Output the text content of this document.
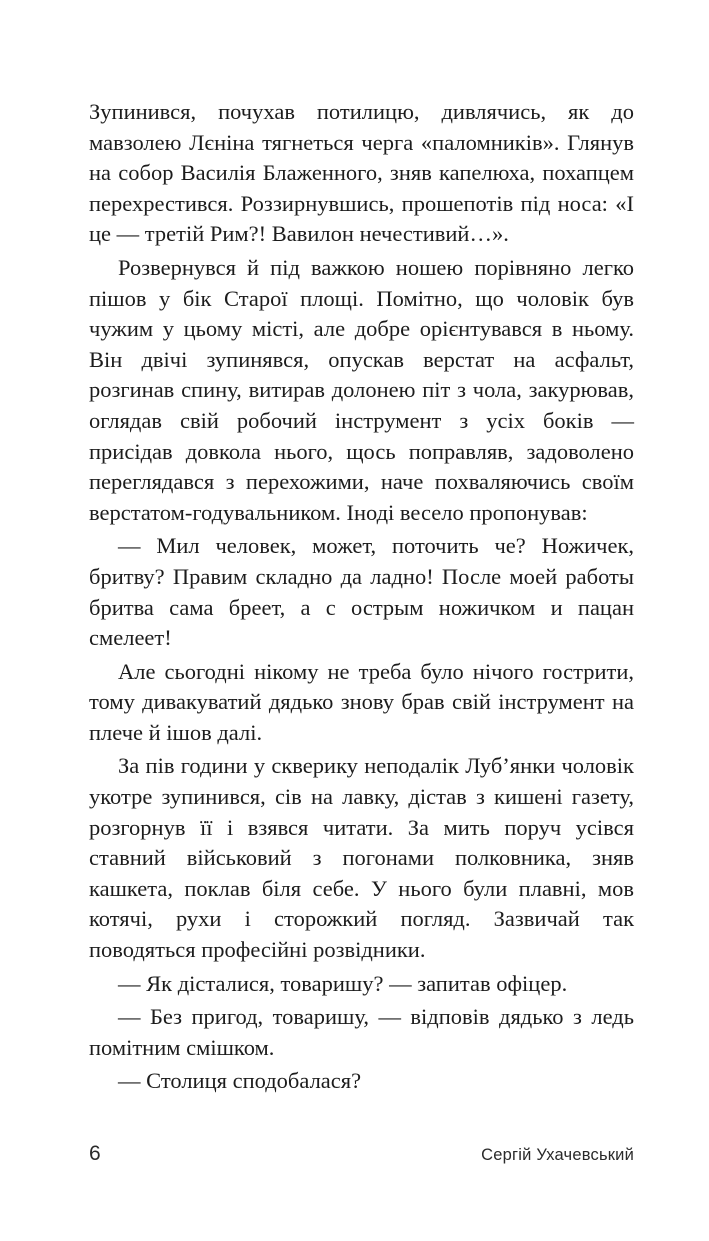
Зупинився, почухав потилицю, дивлячись, як до мавзолею Лєніна тягнеться черга «паломників». Глянув на собор Василія Блаженного, зняв капелюха, похапцем перехрестився. Роззирнувшись, прошепотів під носа: «І це — третій Рим?! Вавилон нечестивий…».

Розвернувся й під важкою ношею порівняно легко пішов у бік Старої площі. Помітно, що чоловік був чужим у цьому місті, але добре орієнтувався в ньому. Він двічі зупинявся, опускав верстат на асфальт, розгинав спину, витирав долонею піт з чола, закурював, оглядав свій робочий інструмент з усіх боків — присідав довкола нього, щось поправляв, задоволено переглядався з перехожими, наче похваляючись своїм верстатом-годувальником. Іноді весело пропонував:

— Мил человек, может, поточить че? Ножичек, бритву? Правим складно да ладно! После моей работы бритва сама бреет, а с острым ножичком и пацан смелеет!

Але сьогодні нікому не треба було нічого гострити, тому дивакуватий дядько знову брав свій інструмент на плече й ішов далі.

За пів години у скверику неподалік Луб’янки чоловік укотре зупинився, сів на лавку, дістав з кишені газету, розгорнув її і взявся читати. За мить поруч усівся ставний військовий з погонами полковника, зняв кашкета, поклав біля себе. У нього були плавні, мов котячі, рухи і сторожкий погляд. Зазвичай так поводяться професійні розвідники.

— Як дісталися, товаришу? — запитав офіцер.

— Без пригод, товаришу, — відповів дядько з ледь помітним смішком.

— Столиця сподобалася?

6	Сергій Ухачевський
